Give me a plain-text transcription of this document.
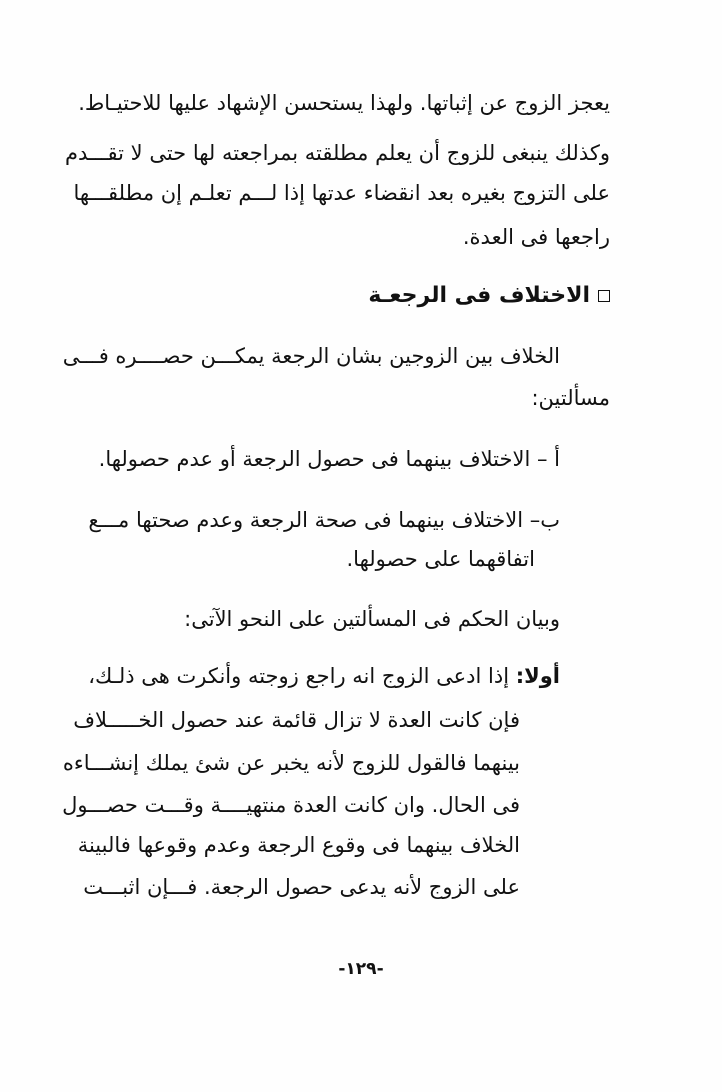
يعجز الزوج عن إثباتها. ولهذا يستحسن الإشهاد عليها للاحتيـاط.
وكذلك ينبغى للزوج أن يعلم مطلقته بمراجعته لها حتى لا تقـــدم
على التزوج بغيره بعد انقضاء عدتها إذا لـــم تعلـم إن مطلقـــها
راجعها فى العدة.
الاختلاف فى الرجعـة
الخلاف بين الزوجين بشان الرجعة يمكـــن حصــــره فـــى
مسألتين:
أ – الاختلاف بينهما فى حصول الرجعة أو عدم حصولها.
ب– الاختلاف بينهما فى صحة الرجعة وعدم صحتها مـــع
اتفاقهما على حصولها.
وبيان الحكم فى المسألتين على النحو الآتى:
أولا: إذا ادعى الزوج انه راجع زوجته وأنكرت هى ذلـك،
فإن كانت العدة لا تزال قائمة عند حصول الخـــــلاف
بينهما فالقول للزوج لأنه يخبر عن شئ يملك إنشـــاءه
فى الحال. وان كانت العدة منتهيــــة وقـــت حصـــول
الخلاف بينهما فى وقوع الرجعة وعدم وقوعها فالبينة
على الزوج لأنه يدعى حصول الرجعة. فـــإن اثبـــت
-١٢٩-
